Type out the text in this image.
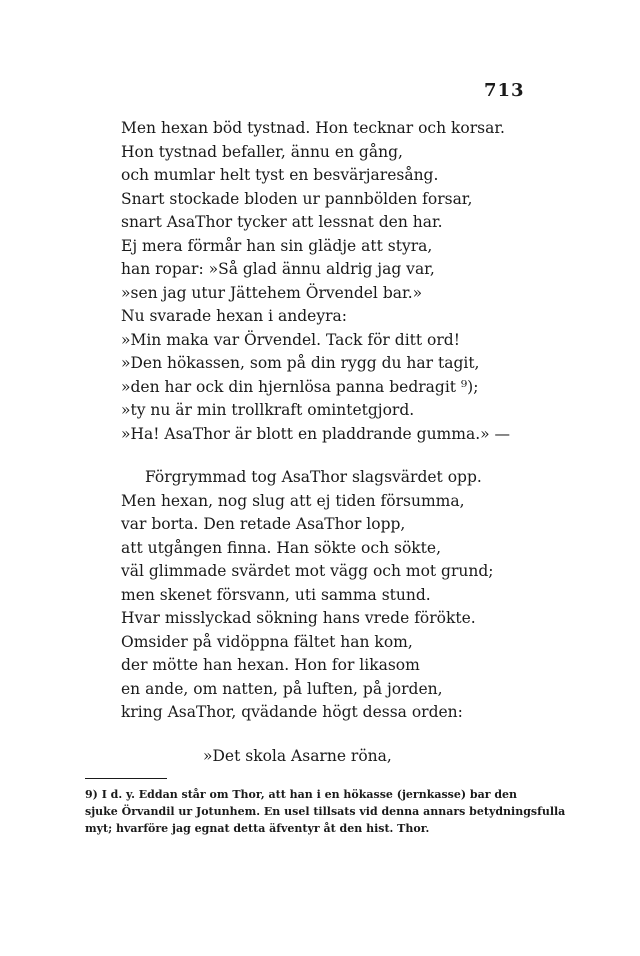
713
Men hexan böd tystnad. Hon tecknar och korsar.
Hon tystnad befaller, ännu en gång,
och mumlar helt tyst en besvärjaresång.
Snart stockade bloden ur pannbölden forsar,
snart AsaThor tycker att lessnat den har.
Ej mera förmår han sin glädje att styra,
han ropar: »Så glad ännu aldrig jag var,
»sen jag utur Jättehem Örvendel bar.»
Nu svarade hexan i andeyra:
»Min maka var Örvendel. Tack för ditt ord!
»Den hökassen, som på din rygg du har tagit,
»den har ock din hjernlösa panna bedragit ⁹);
»ty nu är min trollkraft omintetgjord.
»Ha! AsaThor är blott en pladdrande gumma.» —
Förgrymmad tog AsaThor slagsvärdet opp.
Men hexan, nog slug att ej tiden försumma,
var borta. Den retade AsaThor lopp,
att utgången finna. Han sökte och sökte,
väl glimmade svärdet mot vägg och mot grund;
men skenet försvann, uti samma stund.
Hvar misslyckad sökning hans vrede förökte.
Omsider på vidöppna fältet han kom,
der mötte han hexan. Hon for likasom
en ande, om natten, på luften, på jorden,
kring AsaThor, qvädande högt dessa orden:
»Det skola Asarne röna,
9) I d. y. Eddan står om Thor, att han i en hökasse (jernkasse) bar den
sjuke Örvandil ur Jotunhem. En usel tillsats vid denna annars betydningsfulla
myt; hvarföre jag egnat detta äfventyr åt den hist. Thor.
